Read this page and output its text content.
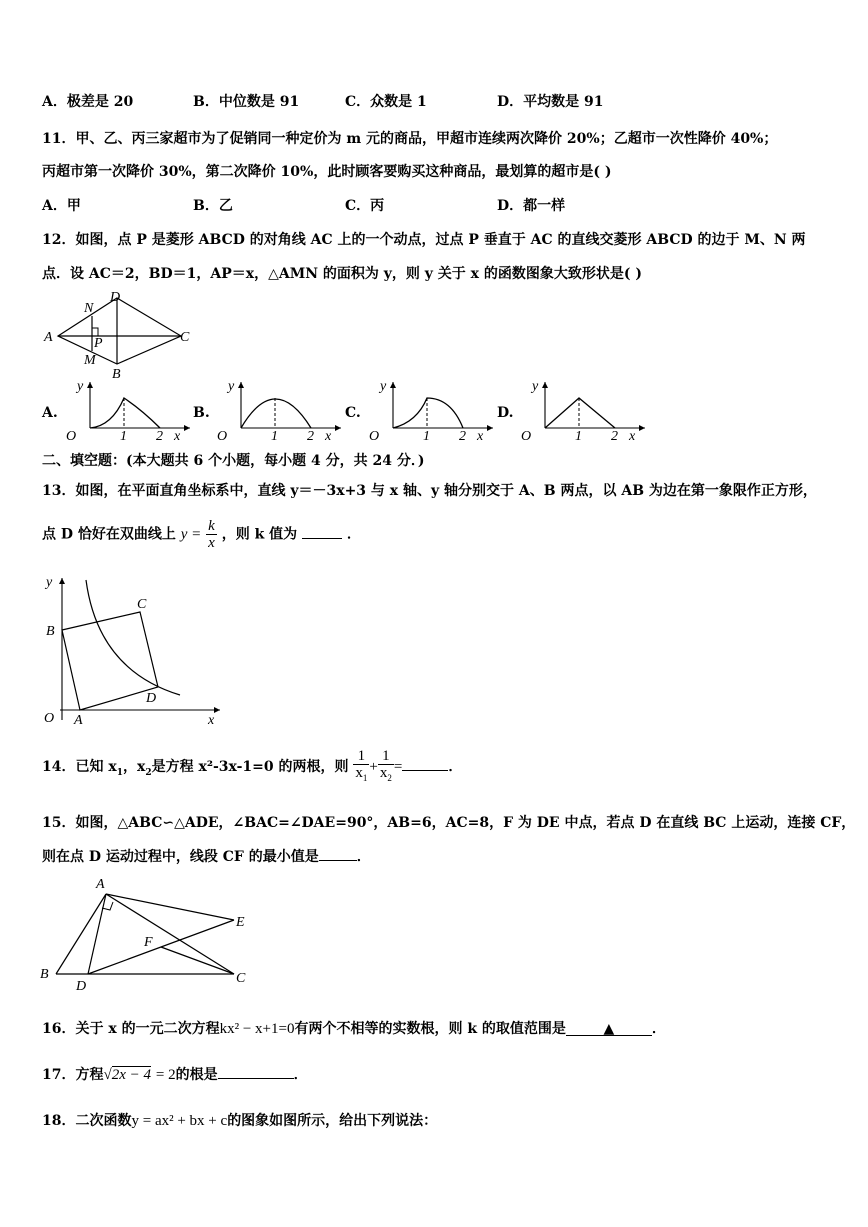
A．极差是 20	B．中位数是 91	C．众数是 1	D．平均数是 91
11．甲、乙、丙三家超市为了促销同一种定价为 m 元的商品，甲超市连续两次降价 20%；乙超市一次性降价 40%；
丙超市第一次降价 30%，第二次降价 10%，此时顾客要购买这种商品，最划算的超市是( )
A．甲	B．乙	C．丙	D．都一样
12．如图，点 P 是菱形 ABCD 的对角线 AC 上的一个动点，过点 P 垂直于 AC 的直线交菱形 ABCD 的边于 M、N 两
点．设 AC＝2，BD＝1，AP＝x，△AMN 的面积为 y，则 y 关于 x 的函数图象大致形状是( )
A
N
D
P
M
B
C
A.
y
O	1 2 x
B.
y
O	1 2 x
C.
y
O	1 2 x
D.
y
O	1 2 x
二、填空题：(本大题共 6 个小题，每小题 4 分，共 24 分．)
13．如图，在平面直角坐标系中，直线 y＝－3x+3 与 x 轴、y 轴分别交于 A、B 两点，以 AB 为边在第一象限作正方形，
点 D 恰好在双曲线上 $y = \frac{k}{x}$ ，则 k 值为	．
y
B
C
D
O A	x
14．已知 $x_1$，$x_2$是方程 x²-3x-1=0 的两根，则 $\frac{1}{x_1} + \frac{1}{x_2}$ =	．
15．如图，△ABC∽△ADE，∠BAC=∠DAE=90°，AB=6，AC=8，F 为 DE 中点，若点 D 在直线 BC 上运动，连接 CF，
则在点 D 运动过程中，线段 CF 的最小值是	．
A
E
F
B
D
C
16．关于 x 的一元二次方程kx² − x+1=0有两个不相等的实数根，则 k 的取值范围是	▲	．
17．方程√2x − 4 = 2的根是	．
18．二次函数y = ax² + bx + c的图象如图所示，给出下列说法：
